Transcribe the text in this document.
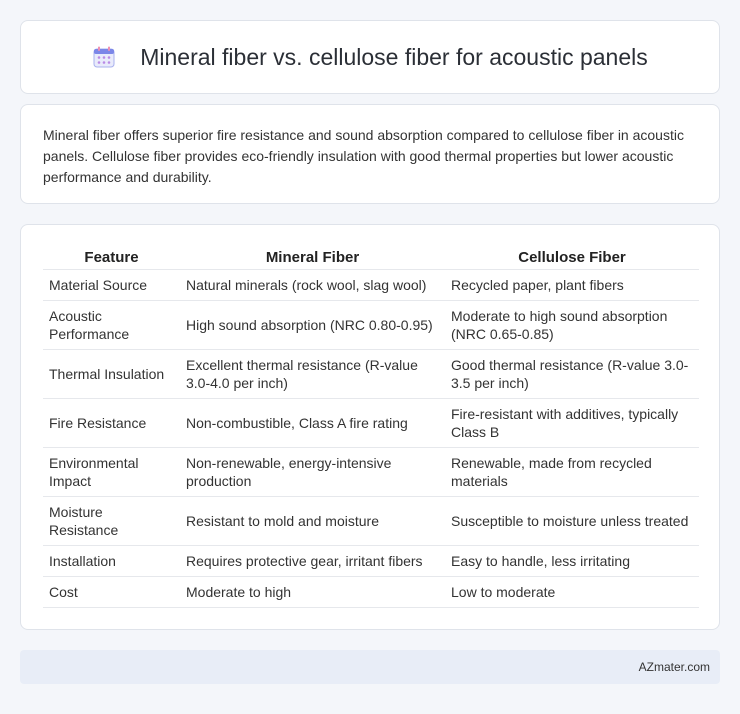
Mineral fiber vs. cellulose fiber for acoustic panels

Mineral fiber offers superior fire resistance and sound absorption compared to cellulose fiber in acoustic panels. Cellulose fiber provides eco-friendly insulation with good thermal properties but lower acoustic performance and durability.

Feature	Mineral Fiber	Cellulose Fiber
Material Source	Natural minerals (rock wool, slag wool)	Recycled paper, plant fibers
Acoustic Performance	High sound absorption (NRC 0.80-0.95)	Moderate to high sound absorption (NRC 0.65-0.85)
Thermal Insulation	Excellent thermal resistance (R-value 3.0-4.0 per inch)	Good thermal resistance (R-value 3.0-3.5 per inch)
Fire Resistance	Non-combustible, Class A fire rating	Fire-resistant with additives, typically Class B
Environmental Impact	Non-renewable, energy-intensive production	Renewable, made from recycled materials
Moisture Resistance	Resistant to mold and moisture	Susceptible to moisture unless treated
Installation	Requires protective gear, irritant fibers	Easy to handle, less irritating
Cost	Moderate to high	Low to moderate
AZmater.com
